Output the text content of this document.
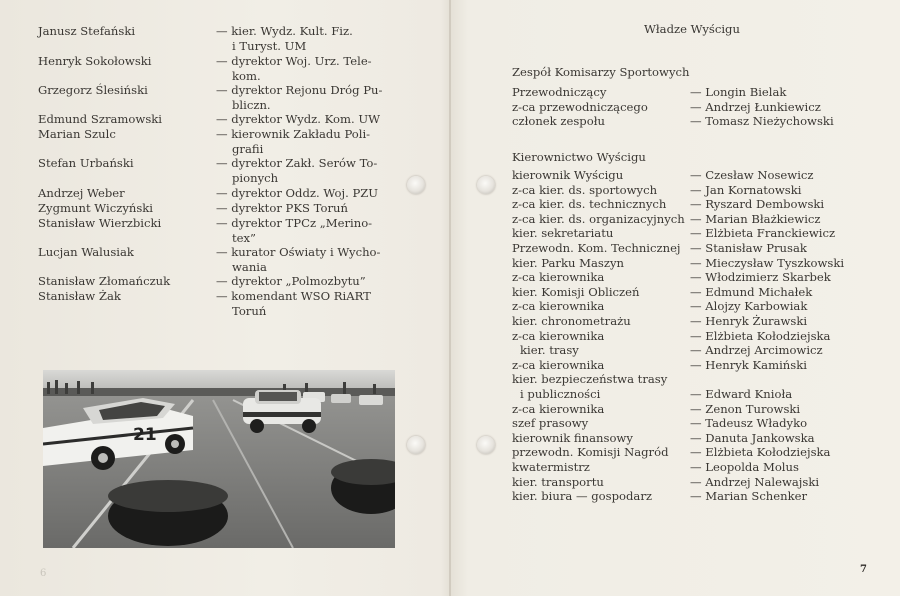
Janusz Stefański	— kier. Wydz. Kult. Fiz.
i Turyst. UM
Henryk Sokołowski	— dyrektor Woj. Urz. Tele-
kom.
Grzegorz Ślesiński	— dyrektor Rejonu Dróg Pu-
bliczn.
Edmund Szramowski	— dyrektor Wydz. Kom. UW
Marian Szulc	— kierownik Zakładu Poli-
grafii
Stefan Urbański	— dyrektor Zakł. Serów To-
pionych
Andrzej Weber	— dyrektor Oddz. Woj. PZU
Zygmunt Wiczyński	— dyrektor PKS Toruń
Stanisław Wierzbicki	— dyrektor TPCz „Merino-
tex”
Lucjan Walusiak	— kurator Oświaty i Wycho-
wania
Stanisław Złomańczuk	— dyrektor „Polmozbytu”
Stanisław Żak	— komendant WSO RiART
Toruń
21
6
Władze Wyścigu
Zespół Komisarzy Sportowych
Przewodniczący	— Longin Bielak
z-ca przewodniczącego	— Andrzej Łunkiewicz
członek zespołu	— Tomasz Nieżychowski
Kierownictwo Wyścigu
kierownik Wyścigu	— Czesław Nosewicz
z-ca kier. ds. sportowych	— Jan Kornatowski
z-ca kier. ds. technicznych — Ryszard Dembowski
z-ca kier. ds. organizacyjnych — Marian Błażkiewicz
kier. sekretariatu	— Elżbieta Franckiewicz
Przewodn. Kom. Technicznej — Stanisław Prusak
kier. Parku Maszyn	— Mieczysław Tyszkowski
z-ca kierownika	— Włodzimierz Skarbek
kier. Komisji Obliczeń	— Edmund Michałek
z-ca kierownika	— Alojzy Karbowiak
kier. chronometrażu	— Henryk Żurawski
z-ca kierownika	— Elżbieta Kołodziejska
kier. trasy	— Andrzej Arcimowicz
z-ca kierownika	— Henryk Kamiński
kier. bezpieczeństwa trasy
i publiczności	— Edward Knioła
z-ca kierownika	— Zenon Turowski
szef prasowy	— Tadeusz Władyko
kierownik finansowy	— Danuta Jankowska
przewodn. Komisji Nagród — Elżbieta Kołodziejska
kwatermistrz	— Leopolda Molus
kier. transportu	— Andrzej Nalewajski
kier. biura — gospodarz	— Marian Schenker
7
